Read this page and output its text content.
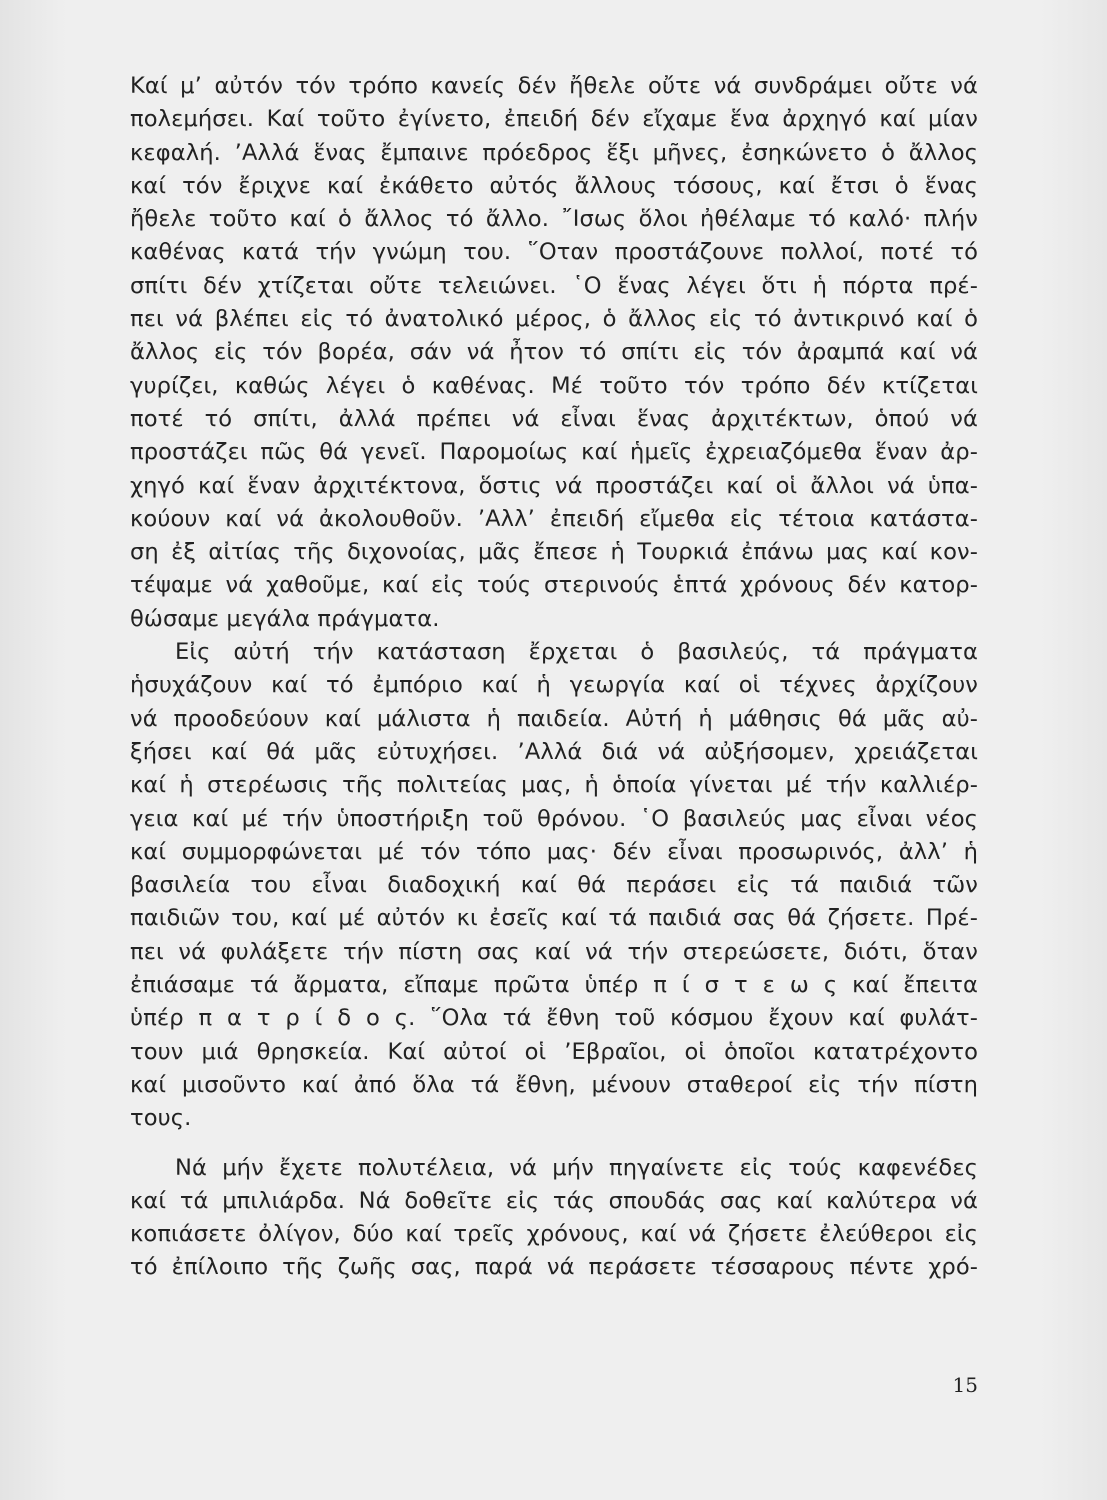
Καί μ’ αὐτόν τόν τρόπο κανείς δέν ἤθελε οὔτε νά συνδράμει οὔτε νά
πολεμήσει. Καί τοῦτο ἐγίνετο, ἐπειδή δέν εἴχαμε ἕνα ἀρχηγό καί μίαν
κεφαλή. ’Αλλά ἕνας ἔμπαινε πρόεδρος ἕξι μῆνες, ἐσηκώνετο ὁ ἄλλος
καί τόν ἔριχνε καί ἐκάθετο αὐτός ἄλλους τόσους, καί ἔτσι ὁ ἕνας
ἤθελε τοῦτο καί ὁ ἄλλος τό ἄλλο. ῎Ισως ὅλοι ἠθέλαμε τό καλό· πλήν
καθένας κατά τήν γνώμη του. ῞Οταν προστάζουνε πολλοί, ποτέ τό
σπίτι δέν χτίζεται οὔτε τελειώνει. ῾Ο ἕνας λέγει ὅτι ἡ πόρτα πρέ-
πει νά βλέπει εἰς τό ἀνατολικό μέρος, ὁ ἄλλος εἰς τό ἀντικρινό καί ὁ
ἄλλος εἰς τόν βορέα, σάν νά ἦτον τό σπίτι εἰς τόν ἀραμπά καί νά
γυρίζει, καθώς λέγει ὁ καθένας. Μέ τοῦτο τόν τρόπο δέν κτίζεται
ποτέ τό σπίτι, ἀλλά πρέπει νά εἶναι ἕνας ἀρχιτέκτων, ὁπού νά
προστάζει πῶς θά γενεῖ. Παρομοίως καί ἡμεῖς ἐχρειαζόμεθα ἕναν ἀρ-
χηγό καί ἕναν ἀρχιτέκτονα, ὅστις νά προστάζει καί οἱ ἄλλοι νά ὑπα-
κούουν καί νά ἀκολουθοῦν. ’Αλλ’ ἐπειδή εἴμεθα εἰς τέτοια κατάστα-
ση ἐξ αἰτίας τῆς διχονοίας, μᾶς ἔπεσε ἡ Τουρκιά ἐπάνω μας καί κον-
τέψαμε νά χαθοῦμε, καί εἰς τούς στερινούς ἑπτά χρόνους δέν κατορ-
θώσαμε μεγάλα πράγματα.
Εἰς αὐτή τήν κατάσταση ἔρχεται ὁ βασιλεύς, τά πράγματα
ἡσυχάζουν καί τό ἐμπόριο καί ἡ γεωργία καί οἱ τέχνες ἀρχίζουν
νά προοδεύουν καί μάλιστα ἡ παιδεία. Αὐτή ἡ μάθησις θά μᾶς αὐ-
ξήσει καί θά μᾶς εὐτυχήσει. ’Αλλά διά νά αὐξήσομεν, χρειάζεται
καί ἡ στερέωσις τῆς πολιτείας μας, ἡ ὁποία γίνεται μέ τήν καλλιέρ-
γεια καί μέ τήν ὑποστήριξη τοῦ θρόνου. ῾Ο βασιλεύς μας εἶναι νέος
καί συμμορφώνεται μέ τόν τόπο μας· δέν εἶναι προσωρινός, ἀλλ’ ἡ
βασιλεία του εἶναι διαδοχική καί θά περάσει εἰς τά παιδιά τῶν
παιδιῶν του, καί μέ αὐτόν κι ἐσεῖς καί τά παιδιά σας θά ζήσετε. Πρέ-
πει νά φυλάξετε τήν πίστη σας καί νά τήν στερεώσετε, διότι, ὅταν
ἐπιάσαμε τά ἄρματα, εἴπαμε πρῶτα ὑπέρ π ί σ τ ε ω ς καί ἔπειτα
ὑπέρ π α τ ρ ί δ ο ς. ῞Ολα τά ἔθνη τοῦ κόσμου ἔχουν καί φυλάτ-
τουν μιά θρησκεία. Καί αὐτοί οἱ ’Εβραῖοι, οἱ ὁποῖοι κατατρέχοντο
καί μισοῦντο καί ἀπό ὅλα τά ἔθνη, μένουν σταθεροί εἰς τήν πίστη
τους.
Νά μήν ἔχετε πολυτέλεια, νά μήν πηγαίνετε εἰς τούς καφενέδες
καί τά μπιλιάρδα. Νά δοθεῖτε εἰς τάς σπουδάς σας καί καλύτερα νά
κοπιάσετε ὀλίγον, δύο καί τρεῖς χρόνους, καί νά ζήσετε ἐλεύθεροι εἰς
τό ἐπίλοιπο τῆς ζωῆς σας, παρά νά περάσετε τέσσαρους πέντε χρό-
15
